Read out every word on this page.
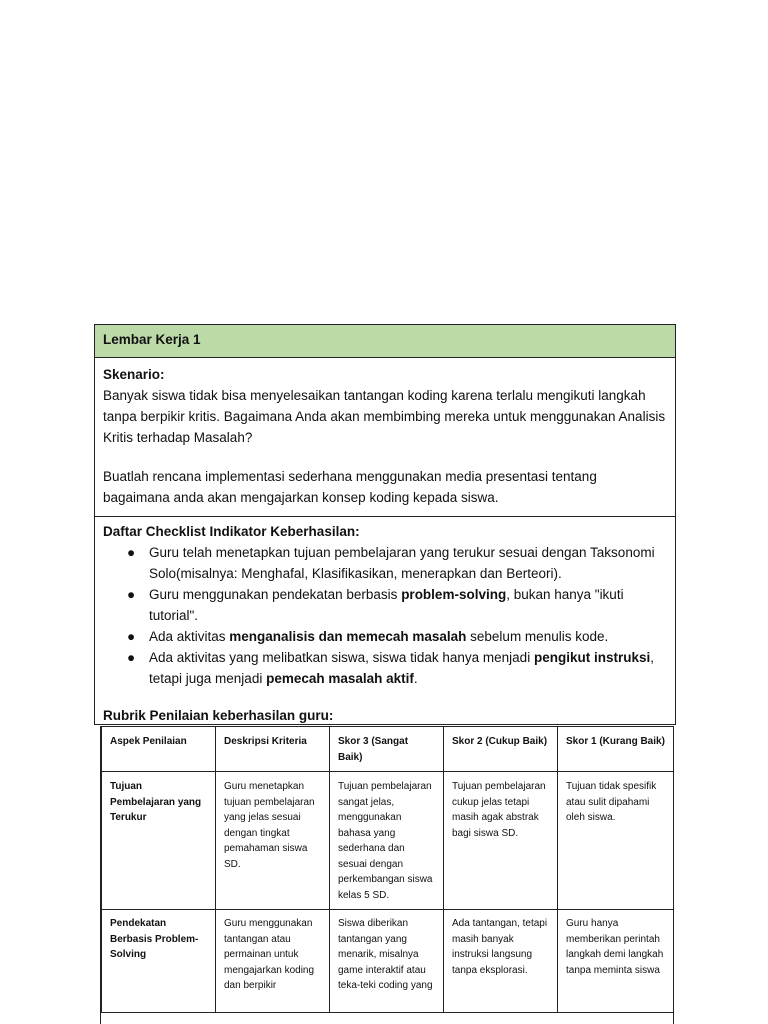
Lembar Kerja 1
Skenario:

Banyak siswa tidak bisa menyelesaikan tantangan koding karena terlalu mengikuti langkah tanpa berpikir kritis. Bagaimana Anda akan membimbing mereka untuk menggunakan Analisis Kritis terhadap Masalah?

Buatlah rencana implementasi sederhana menggunakan media presentasi tentang bagaimana anda akan mengajarkan konsep koding kepada siswa.

Daftar Checklist Indikator Keberhasilan:
● Guru telah menetapkan tujuan pembelajaran yang terukur sesuai dengan Taksonomi Solo(misalnya: Menghafal, Klasifikasikan, menerapkan dan Berteori).
● Guru menggunakan pendekatan berbasis problem-solving, bukan hanya "ikuti tutorial".
● Ada aktivitas menganalisis dan memecah masalah sebelum menulis kode.
● Ada aktivitas yang melibatkan siswa, siswa tidak hanya menjadi pengikut instruksi, tetapi juga menjadi pemecah masalah aktif.
Rubrik Penilaian keberhasilan guru:
Aspek Penilaian	Deskripsi Kriteria	Skor 3 (Sangat Baik)	Skor 2 (Cukup Baik)	Skor 1 (Kurang Baik)
Tujuan Pembelajaran yang Terukur	Guru menetapkan tujuan pembelajaran yang jelas sesuai dengan tingkat pemahaman siswa SD.	Tujuan pembelajaran sangat jelas, menggunakan bahasa yang sederhana dan sesuai dengan perkembangan siswa kelas 5 SD.	Tujuan pembelajaran cukup jelas tetapi masih agak abstrak bagi siswa SD.	Tujuan tidak spesifik atau sulit dipahami oleh siswa.
Pendekatan Berbasis Problem-Solving	Guru menggunakan tantangan atau permainan untuk mengajarkan koding dan berpikir	Siswa diberikan tantangan yang menarik, misalnya game interaktif atau teka-teki coding yang	Ada tantangan, tetapi masih banyak instruksi langsung tanpa eksplorasi.	Guru hanya memberikan perintah langkah demi langkah tanpa meminta siswa
